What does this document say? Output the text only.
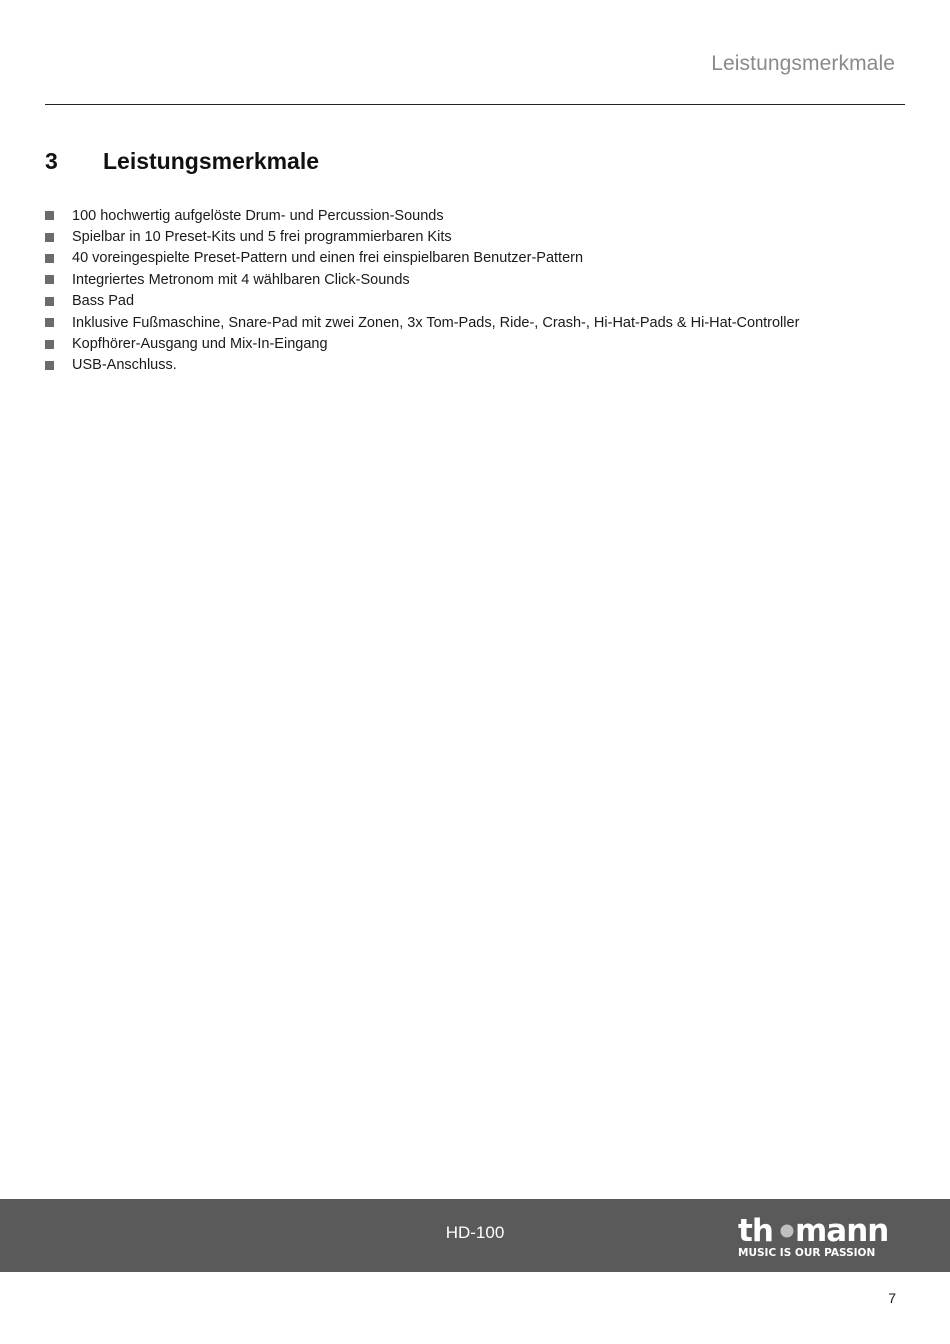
Leistungsmerkmale
3	Leistungsmerkmale
100 hochwertig aufgelöste Drum- und Percussion-Sounds
Spielbar in 10 Preset-Kits und 5 frei programmierbaren Kits
40 voreingespielte Preset-Pattern und einen frei einspielbaren Benutzer-Pattern
Integriertes Metronom mit 4 wählbaren Click-Sounds
Bass Pad
Inklusive Fußmaschine, Snare-Pad mit zwei Zonen, 3x Tom-Pads, Ride-, Crash-, Hi-Hat-Pads & Hi-Hat-Controller
Kopfhörer-Ausgang und Mix-In-Eingang
USB-Anschluss.
HD-100	th mann
MUSIC IS OUR PASSION
7
